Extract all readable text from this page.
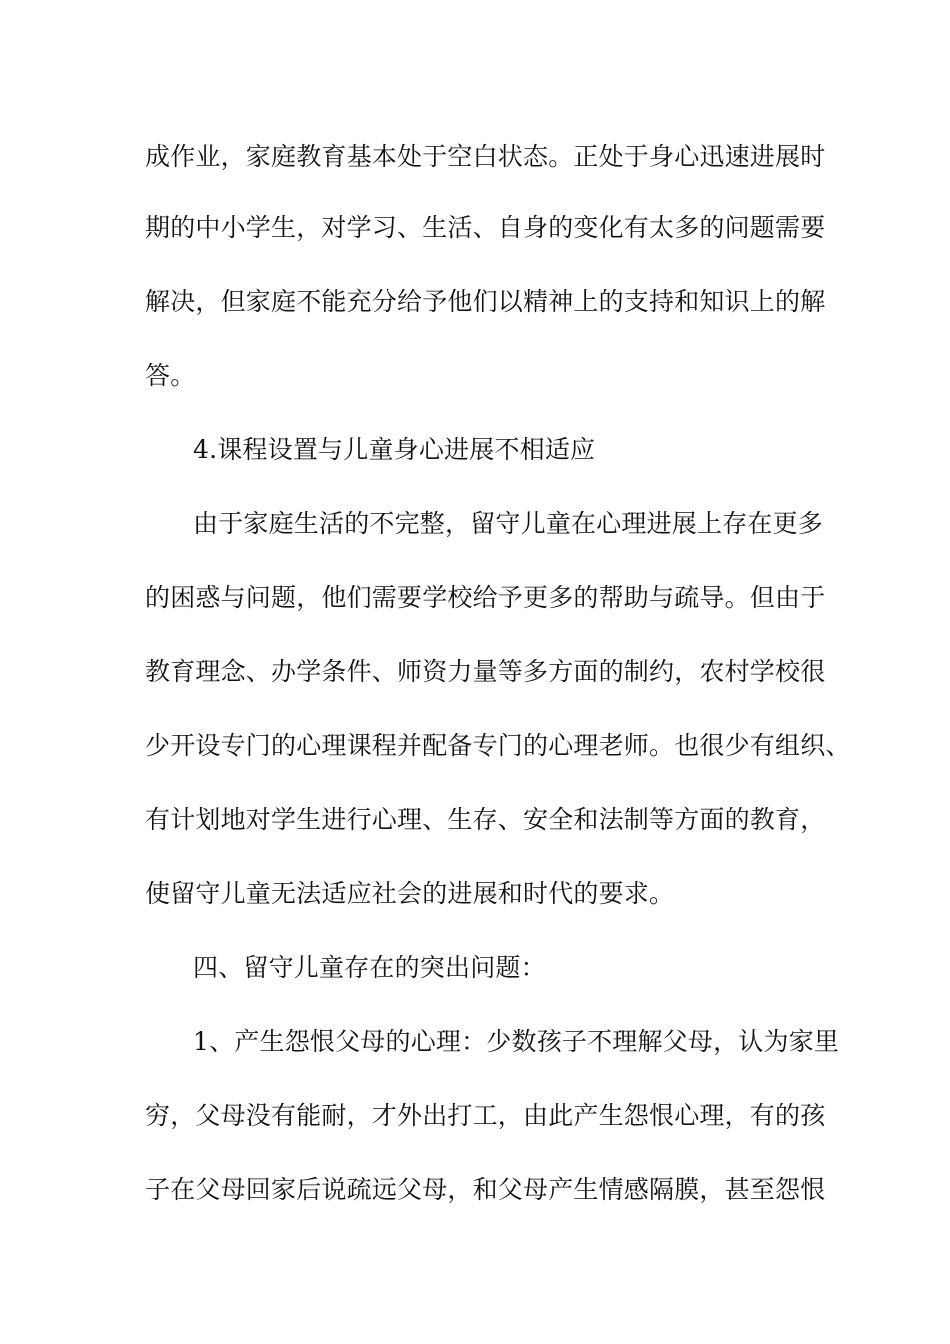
成作业，家庭教育基本处于空白状态。正处于身心迅速进展时
期的中小学生，对学习、生活、自身的变化有太多的问题需要
解决，但家庭不能充分给予他们以精神上的支持和知识上的解
答。
4.课程设置与儿童身心进展不相适应
由于家庭生活的不完整，留守儿童在心理进展上存在更多
的困惑与问题，他们需要学校给予更多的帮助与疏导。但由于
教育理念、办学条件、师资力量等多方面的制约，农村学校很
少开设专门的心理课程并配备专门的心理老师。也很少有组织、
有计划地对学生进行心理、生存、安全和法制等方面的教育，
使留守儿童无法适应社会的进展和时代的要求。
四、留守儿童存在的突出问题：
1、产生怨恨父母的心理：少数孩子不理解父母，认为家里
穷，父母没有能耐，才外出打工，由此产生怨恨心理，有的孩
子在父母回家后说疏远父母，和父母产生情感隔膜，甚至怨恨
